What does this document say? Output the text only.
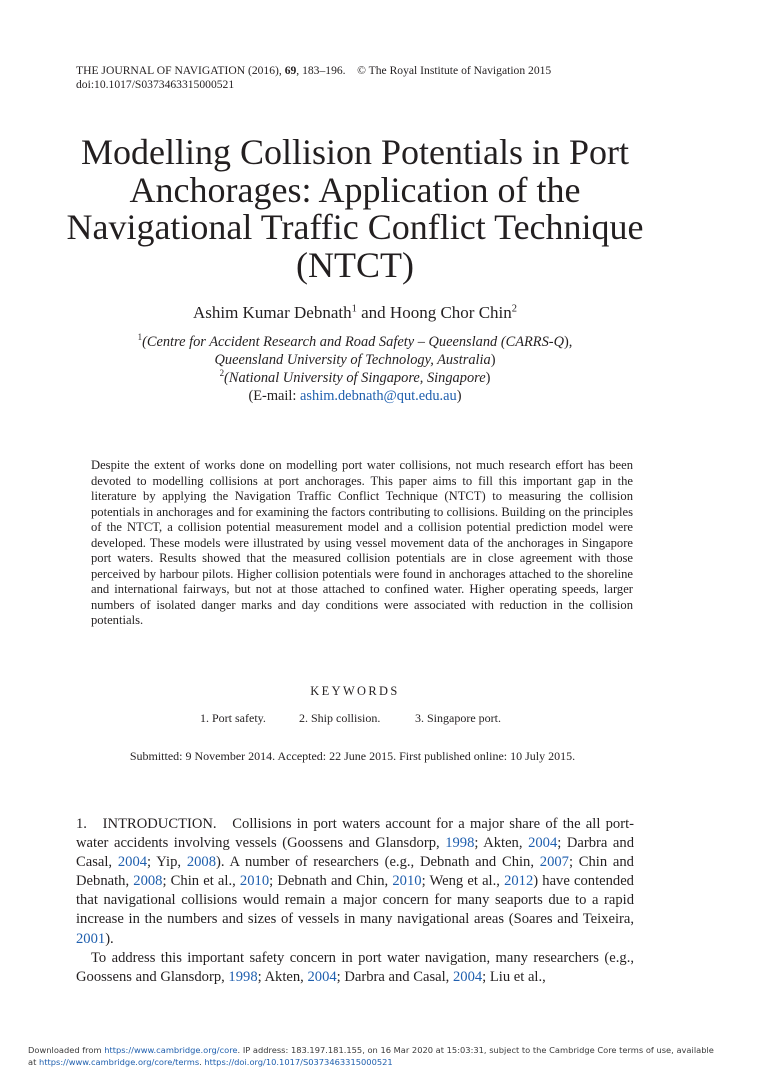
THE JOURNAL OF NAVIGATION (2016), 69, 183–196. © The Royal Institute of Navigation 2015
doi:10.1017/S0373463315000521
Modelling Collision Potentials in Port Anchorages: Application of the Navigational Traffic Conflict Technique (NTCT)
Ashim Kumar Debnath$^1$ and Hoong Chor Chin$^2$
$^1$(Centre for Accident Research and Road Safety – Queensland (CARRS-Q),
Queensland University of Technology, Australia)
$^2$(National University of Singapore, Singapore)
(E-mail: ashim.debnath@qut.edu.au)
Despite the extent of works done on modelling port water collisions, not much research effort has been devoted to modelling collisions at port anchorages. This paper aims to fill this important gap in the literature by applying the Navigation Traffic Conflict Technique (NTCT) to measuring the collision potentials in anchorages and for examining the factors contributing to collisions. Building on the principles of the NTCT, a collision potential measurement model and a collision potential prediction model were developed. These models were illustrated by using vessel movement data of the anchorages in Singapore port waters. Results showed that the measured collision potentials are in close agreement with those perceived by harbour pilots. Higher collision potentials were found in anchorages attached to the shoreline and international fairways, but not at those attached to confined water. Higher operating speeds, larger numbers of isolated danger marks and day conditions were associated with reduction in the collision potentials.
KEYWORDS
1. Port safety.	2. Ship collision.	3. Singapore port.
Submitted: 9 November 2014. Accepted: 22 June 2015. First published online: 10 July 2015.

1.   INTRODUCTION.   Collisions in port waters account for a major share of the all port-water accidents involving vessels (Goossens and Glansdorp, 1998; Akten, 2004; Darbra and Casal, 2004; Yip, 2008). A number of researchers (e.g., Debnath and Chin, 2007; Chin and Debnath, 2008; Chin et al., 2010; Debnath and Chin, 2010; Weng et al., 2012) have contended that navigational collisions would remain a major concern for many seaports due to a rapid increase in the numbers and sizes of vessels in many navigational areas (Soares and Teixeira, 2001).

To address this important safety concern in port water navigation, many researchers (e.g., Goossens and Glansdorp, 1998; Akten, 2004; Darbra and Casal, 2004; Liu et al.,

Downloaded from https://www.cambridge.org/core. IP address: 183.197.181.155, on 16 Mar 2020 at 15:03:31, subject to the Cambridge Core terms of use, available
at https://www.cambridge.org/core/terms. https://doi.org/10.1017/S0373463315000521
